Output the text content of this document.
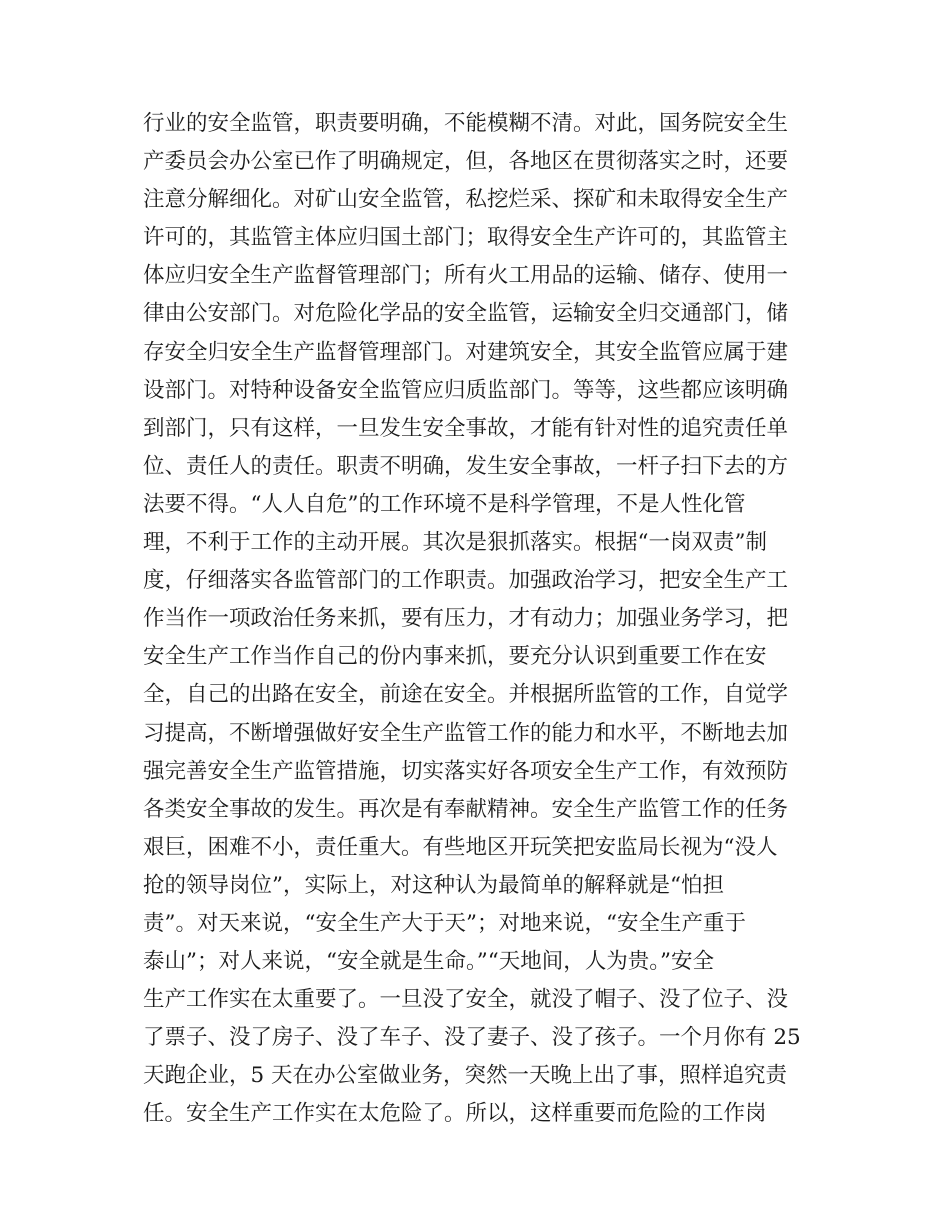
行业的安全监管，职责要明确，不能模糊不清。对此，国务院安全生
产委员会办公室已作了明确规定，但，各地区在贯彻落实之时，还要
注意分解细化。对矿山安全监管，私挖烂采、探矿和未取得安全生产
许可的，其监管主体应归国土部门；取得安全生产许可的，其监管主
体应归安全生产监督管理部门；所有火工用品的运输、储存、使用一
律由公安部门。对危险化学品的安全监管，运输安全归交通部门，储
存安全归安全生产监督管理部门。对建筑安全，其安全监管应属于建
设部门。对特种设备安全监管应归质监部门。等等，这些都应该明确
到部门，只有这样，一旦发生安全事故，才能有针对性的追究责任单
位、责任人的责任。职责不明确，发生安全事故，一杆子扫下去的方
法要不得。“人人自危”的工作环境不是科学管理，不是人性化管
理，不利于工作的主动开展。其次是狠抓落实。根据“一岗双责”制
度，仔细落实各监管部门的工作职责。加强政治学习，把安全生产工
作当作一项政治任务来抓，要有压力，才有动力；加强业务学习，把
安全生产工作当作自己的份内事来抓，要充分认识到重要工作在安
全，自己的出路在安全，前途在安全。并根据所监管的工作，自觉学
习提高，不断增强做好安全生产监管工作的能力和水平，不断地去加
强完善安全生产监管措施，切实落实好各项安全生产工作，有效预防
各类安全事故的发生。再次是有奉献精神。安全生产监管工作的任务
艰巨，困难不小，责任重大。有些地区开玩笑把安监局长视为“没人
抢的领导岗位”，实际上，对这种认为最简单的解释就是“怕担
责”。对天来说，“安全生产大于天”；对地来说，“安全生产重于
泰山”；对人来说，“安全就是生命。”“天地间，人为贵。”安全
生产工作实在太重要了。一旦没了安全，就没了帽子、没了位子、没
了票子、没了房子、没了车子、没了妻子、没了孩子。一个月你有 25
天跑企业，5 天在办公室做业务，突然一天晚上出了事，照样追究责
任。安全生产工作实在太危险了。所以，这样重要而危险的工作岗
